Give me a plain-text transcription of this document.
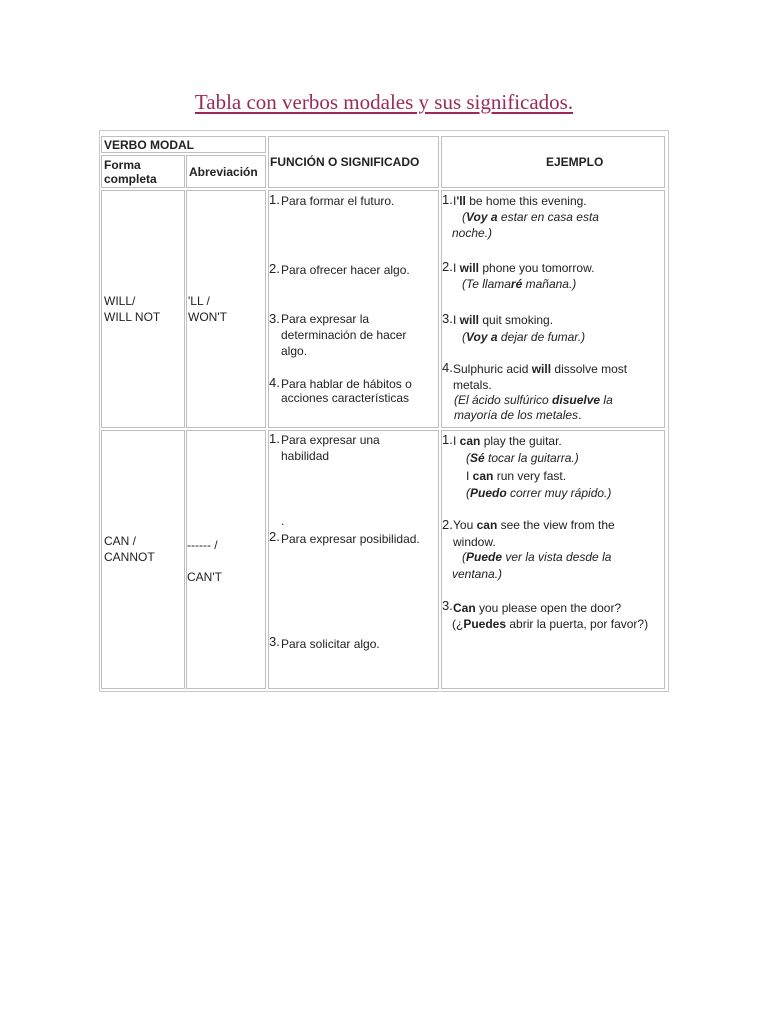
Tabla con verbos modales y sus significados.
VERBO MODAL
Forma
completa	Abreviación
FUNCIÓN O SIGNIFICADO	EJEMPLO
WILL/
WILL NOT
'LL /
WON'T
1. Para formar el futuro.
2. Para ofrecer hacer algo.
3. Para expresar la
determinación de hacer
algo.
4. Para hablar de hábitos o
acciones características
1. I'll be home this evening.
(Voy a estar en casa esta
noche.)
2. I will phone you tomorrow.
(Te llamaré mañana.)
3. I will quit smoking.
(Voy a dejar de fumar.)
4. Sulphuric acid will dissolve most
metals.
(El ácido sulfúrico disuelve la
mayoría de los metales.
CAN /
CANNOT
------ /
CAN'T
1. Para expresar una
habilidad
.
2. Para expresar posibilidad.
3. Para solicitar algo.
1. I can play the guitar.
(Sé tocar la guitarra.)
I can run very fast.
(Puedo correr muy rápido.)
2. You can see the view from the
window.
(Puede ver la vista desde la
ventana.)
3. Can you please open the door?
(¿Puedes abrir la puerta, por favor?)
